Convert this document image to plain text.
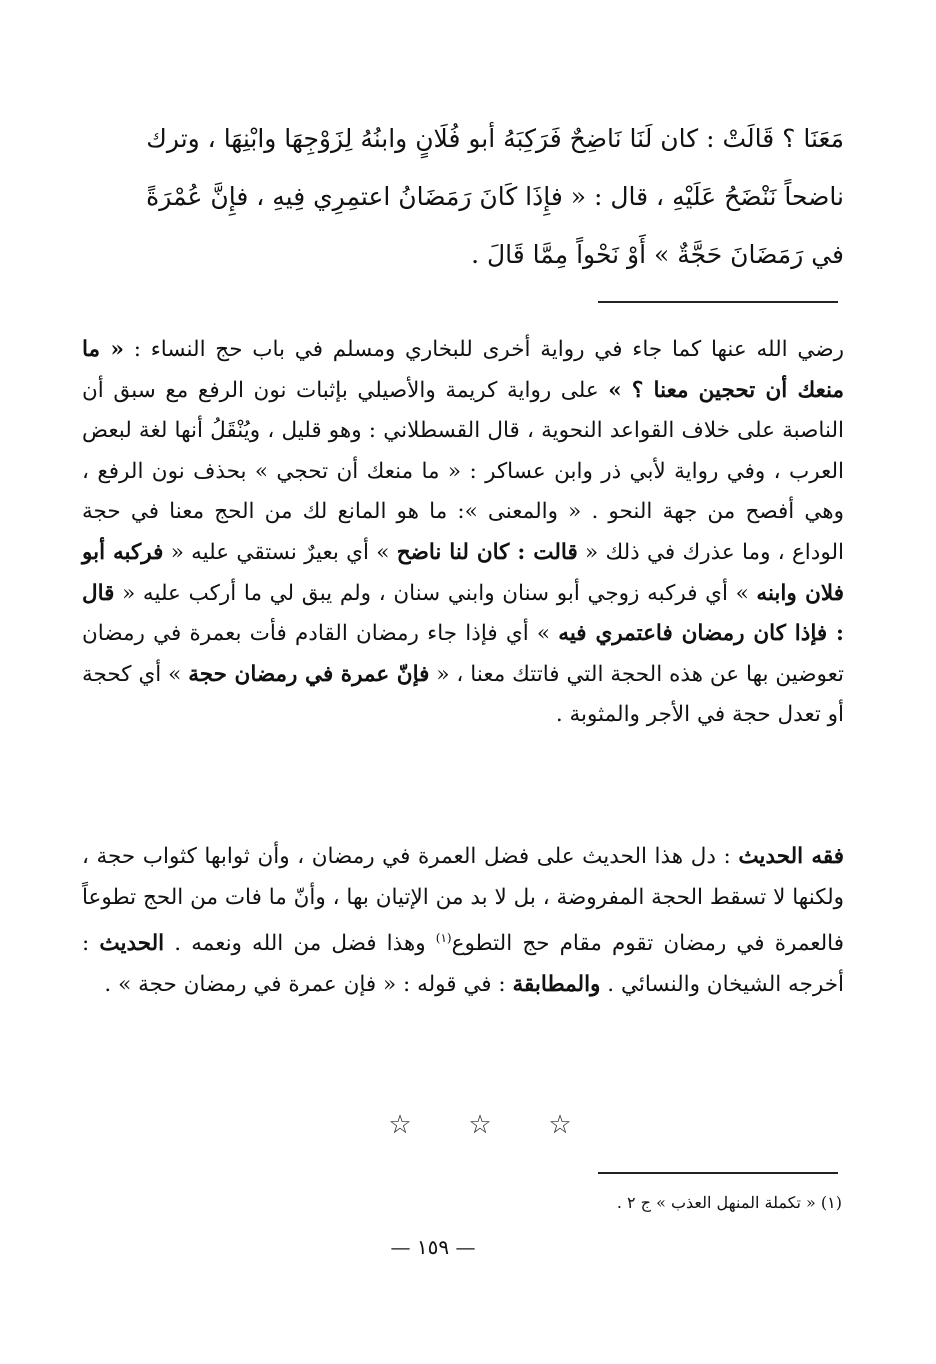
مَعَنَا ؟ قَالَتْ : كان لَنَا نَاضِحٌ فَرَكِبَهُ أبو فُلَانٍ وابنُهُ لِزَوْجِهَا وابْنِهَا ، وترك
ناضحاً نَنْضَحُ عَلَيْهِ ، قال : « فإِذَا كَانَ رَمَضَانُ اعتمِرِي فِيهِ ، فإِنَّ عُمْرَةً
في رَمَضَانَ حَجَّةٌ » أَوْ نَحْواً مِمَّا قَالَ .
رضي الله عنها كما جاء في رواية أخرى للبخاري ومسلم في باب حج النساء : « ما منعك أن تحجين معنا ؟ » على رواية كريمة والأصيلي بإثبات نون الرفع مع سبق أن الناصبة على خلاف القواعد النحوية ، قال القسطلاني : وهو قليل ، ويُنْقَلُ أنها لغة لبعض العرب ، وفي رواية لأبي ذر وابن عساكر : « ما منعك أن تحجي » بحذف نون الرفع ، وهي أفصح من جهة النحو . « والمعنى »: ما هو المانع لك من الحج معنا في حجة الوداع ، وما عذرك في ذلك « قالت : كان لنا ناضح » أي بعيرٌ نستقي عليه « فركبه أبو فلان وابنه » أي فركبه زوجي أبو سنان وابني سنان ، ولم يبق لي ما أركب عليه « قال : فإذا كان رمضان فاعتمري فيه » أي فإذا جاء رمضان القادم فأت بعمرة في رمضان تعوضين بها عن هذه الحجة التي فاتتك معنا ، « فإنّ عمرة في رمضان حجة » أي كحجة أو تعدل حجة في الأجر والمثوبة .
فقه الحديث : دل هذا الحديث على فضل العمرة في رمضان ، وأن ثوابها كثواب حجة ، ولكنها لا تسقط الحجة المفروضة ، بل لا بد من الإتيان بها ، وأنّ ما فات من الحج تطوعاً فالعمرة في رمضان تقوم مقام حج التطوع$^{(١)}$ وهذا فضل من الله ونعمه . الحديث : أخرجه الشيخان والنسائي . والمطابقة : في قوله : « فإن عمرة في رمضان حجة » .
☆	☆	☆
(١) « تكملة المنهل العذب » ج ٢ .
— ١٥٩ —
